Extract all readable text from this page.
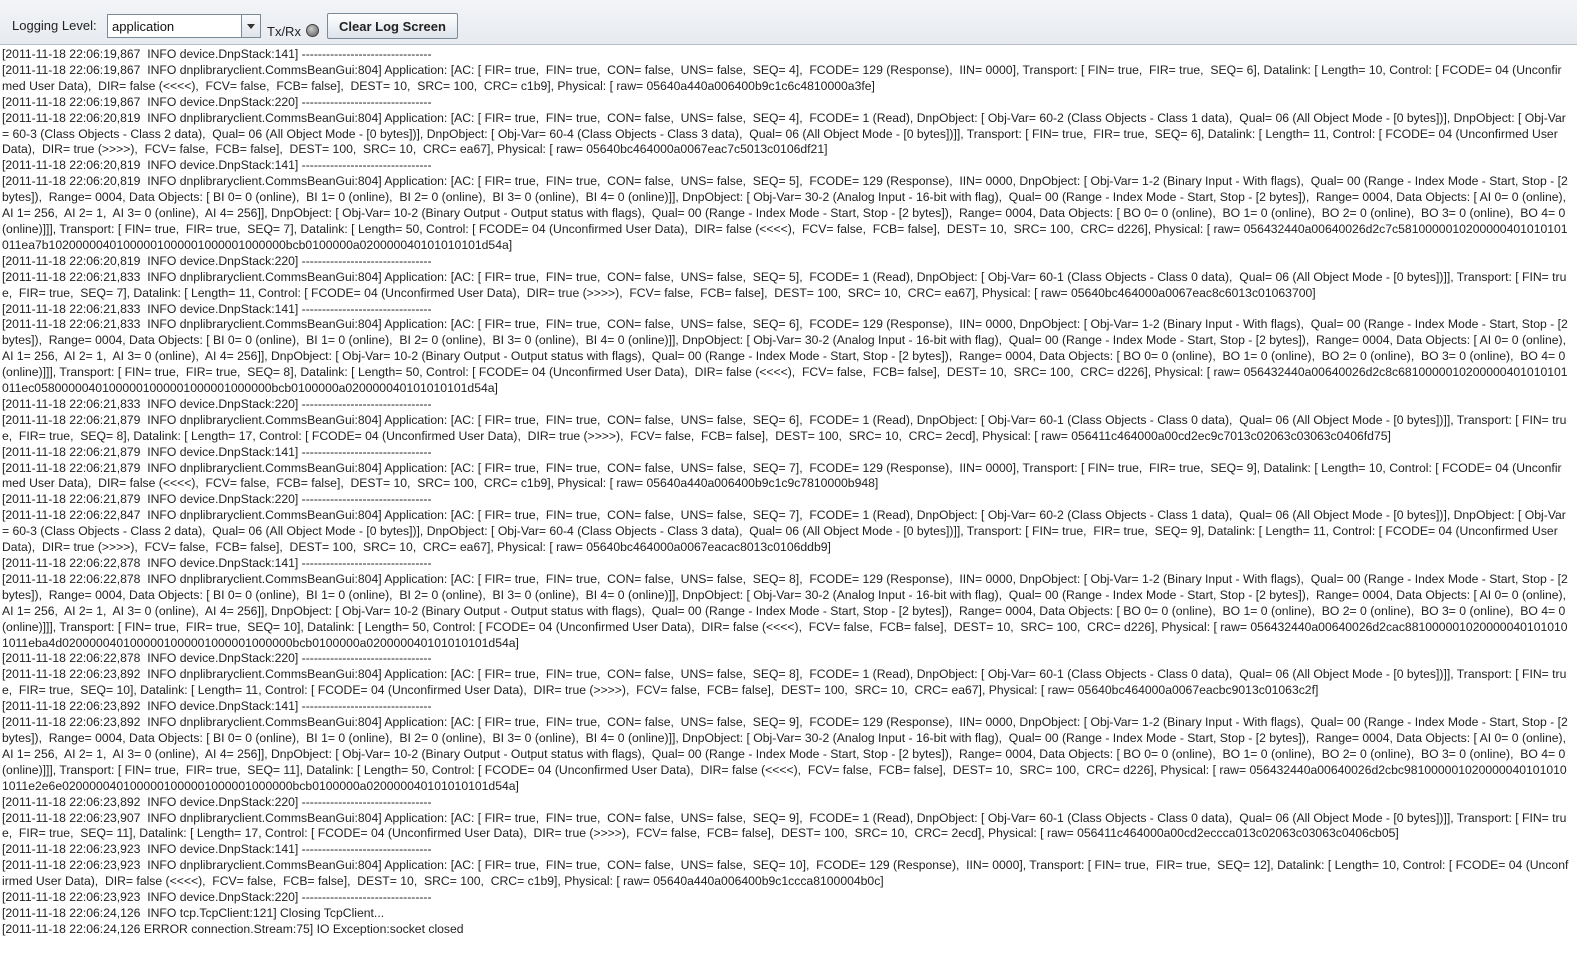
Logging Level: application	Tx/Rx	Clear Log Screen
[2011-11-18 22:06:19,867  INFO device.DnpStack:141] --------------------------------
[2011-11-18 22:06:19,867  INFO dnplibraryclient.CommsBeanGui:804] Application: [AC: [ FIR= true,  FIN= true,  CON= false,  UNS= false,  SEQ= 4],  FCODE= 129 (Response),  IIN= 0000], Transport: [ FIN= true,  FIR= true,  SEQ= 6], Datalink: [ Length= 10, Control: [ FCODE= 04 (Unconfirmed User Data),  DIR= false (<<<<),  FCV= false,  FCB= false],  DEST= 10,  SRC= 100,  CRC= c1b9], Physical: [ raw= 05640a440a006400b9c1c6c4810000a3fe]
[2011-11-18 22:06:19,867  INFO device.DnpStack:220] --------------------------------
[2011-11-18 22:06:20,819  INFO dnplibraryclient.CommsBeanGui:804] Application: [AC: [ FIR= true,  FIN= true,  CON= false,  UNS= false,  SEQ= 4],  FCODE= 1 (Read), DnpObject: [ Obj-Var= 60-2 (Class Objects - Class 1 data),  Qual= 06 (All Object Mode - [0 bytes])], DnpObject: [ Obj-Var= 60-3 (Class Objects - Class 2 data),  Qual= 06 (All Object Mode - [0 bytes])], DnpObject: [ Obj-Var= 60-4 (Class Objects - Class 3 data),  Qual= 06 (All Object Mode - [0 bytes])]], Transport: [ FIN= true,  FIR= true,  SEQ= 6], Datalink: [ Length= 11, Control: [ FCODE= 04 (Unconfirmed User Data),  DIR= true (>>>>),  FCV= false,  FCB= false],  DEST= 100,  SRC= 10,  CRC= ea67], Physical: [ raw= 05640bc464000a0067eac7c5013c0106df21]
[2011-11-18 22:06:20,819  INFO device.DnpStack:141] --------------------------------
[2011-11-18 22:06:20,819  INFO dnplibraryclient.CommsBeanGui:804] Application: [AC: [ FIR= true,  FIN= true,  CON= false,  UNS= false,  SEQ= 5],  FCODE= 129 (Response),  IIN= 0000, DnpObject: [ Obj-Var= 1-2 (Binary Input - With flags),  Qual= 00 (Range - Index Mode - Start, Stop - [2 bytes]),  Range= 0004, Data Objects: [ BI 0= 0 (online),  BI 1= 0 (online),  BI 2= 0 (online),  BI 3= 0 (online),  BI 4= 0 (online)]], DnpObject: [ Obj-Var= 30-2 (Analog Input - 16-bit with flag),  Qual= 00 (Range - Index Mode - Start, Stop - [2 bytes]),  Range= 0004, Data Objects: [ AI 0= 0 (online),  AI 1= 256,  AI 2= 1,  AI 3= 0 (online),  AI 4= 256]], DnpObject: [ Obj-Var= 10-2 (Binary Output - Output status with flags),  Qual= 00 (Range - Index Mode - Start, Stop - [2 bytes]),  Range= 0004, Data Objects: [ BO 0= 0 (online),  BO 1= 0 (online),  BO 2= 0 (online),  BO 3= 0 (online),  BO 4= 0 (online)]]], Transport: [ FIN= true,  FIR= true,  SEQ= 7], Datalink: [ Length= 50, Control: [ FCODE= 04 (Unconfirmed User Data),  DIR= false (<<<<),  FCV= false,  FCB= false],  DEST= 10,  SRC= 100,  CRC= d226], Physical: [ raw= 056432440a00640026d2c7c5810000010200000401010101011ea7b10200000401000001000001000001000000bcb0100000a020000040101010101d54a]
[2011-11-18 22:06:20,819  INFO device.DnpStack:220] --------------------------------
[2011-11-18 22:06:21,833  INFO dnplibraryclient.CommsBeanGui:804] Application: [AC: [ FIR= true,  FIN= true,  CON= false,  UNS= false,  SEQ= 5],  FCODE= 1 (Read), DnpObject: [ Obj-Var= 60-1 (Class Objects - Class 0 data),  Qual= 06 (All Object Mode - [0 bytes])]], Transport: [ FIN= true,  FIR= true,  SEQ= 7], Datalink: [ Length= 11, Control: [ FCODE= 04 (Unconfirmed User Data),  DIR= true (>>>>),  FCV= false,  FCB= false],  DEST= 100,  SRC= 10,  CRC= ea67], Physical: [ raw= 05640bc464000a0067eac8c6013c01063700]
[2011-11-18 22:06:21,833  INFO device.DnpStack:141] --------------------------------
[2011-11-18 22:06:21,833  INFO dnplibraryclient.CommsBeanGui:804] Application: [AC: [ FIR= true,  FIN= true,  CON= false,  UNS= false,  SEQ= 6],  FCODE= 129 (Response),  IIN= 0000, DnpObject: [ Obj-Var= 1-2 (Binary Input - With flags),  Qual= 00 (Range - Index Mode - Start, Stop - [2 bytes]),  Range= 0004, Data Objects: [ BI 0= 0 (online),  BI 1= 0 (online),  BI 2= 0 (online),  BI 3= 0 (online),  BI 4= 0 (online)]], DnpObject: [ Obj-Var= 30-2 (Analog Input - 16-bit with flag),  Qual= 00 (Range - Index Mode - Start, Stop - [2 bytes]),  Range= 0004, Data Objects: [ AI 0= 0 (online),  AI 1= 256,  AI 2= 1,  AI 3= 0 (online),  AI 4= 256]], DnpObject: [ Obj-Var= 10-2 (Binary Output - Output status with flags),  Qual= 00 (Range - Index Mode - Start, Stop - [2 bytes]),  Range= 0004, Data Objects: [ BO 0= 0 (online),  BO 1= 0 (online),  BO 2= 0 (online),  BO 3= 0 (online),  BO 4= 0 (online)]]], Transport: [ FIN= true,  FIR= true,  SEQ= 8], Datalink: [ Length= 50, Control: [ FCODE= 04 (Unconfirmed User Data),  DIR= false (<<<<),  FCV= false,  FCB= false],  DEST= 10,  SRC= 100,  CRC= d226], Physical: [ raw= 056432440a00640026d2c8c6810000010200000401010101011ec05800000401000001000001000001000000bcb0100000a020000040101010101d54a]
[2011-11-18 22:06:21,833  INFO device.DnpStack:220] --------------------------------
[2011-11-18 22:06:21,879  INFO dnplibraryclient.CommsBeanGui:804] Application: [AC: [ FIR= true,  FIN= true,  CON= false,  UNS= false,  SEQ= 6],  FCODE= 1 (Read), DnpObject: [ Obj-Var= 60-1 (Class Objects - Class 0 data),  Qual= 06 (All Object Mode - [0 bytes])]], Transport: [ FIN= true,  FIR= true,  SEQ= 8], Datalink: [ Length= 17, Control: [ FCODE= 04 (Unconfirmed User Data),  DIR= true (>>>>),  FCV= false,  FCB= false],  DEST= 100,  SRC= 10,  CRC= 2ecd], Physical: [ raw= 056411c464000a00cd2ec9c7013c02063c03063c0406fd75]
[2011-11-18 22:06:21,879  INFO device.DnpStack:141] --------------------------------
[2011-11-18 22:06:21,879  INFO dnplibraryclient.CommsBeanGui:804] Application: [AC: [ FIR= true,  FIN= true,  CON= false,  UNS= false,  SEQ= 7],  FCODE= 129 (Response),  IIN= 0000], Transport: [ FIN= true,  FIR= true,  SEQ= 9], Datalink: [ Length= 10, Control: [ FCODE= 04 (Unconfirmed User Data),  DIR= false (<<<<),  FCV= false,  FCB= false],  DEST= 10,  SRC= 100,  CRC= c1b9], Physical: [ raw= 05640a440a006400b9c1c9c7810000b948]
[2011-11-18 22:06:21,879  INFO device.DnpStack:220] --------------------------------
[2011-11-18 22:06:22,847  INFO dnplibraryclient.CommsBeanGui:804] Application: [AC: [ FIR= true,  FIN= true,  CON= false,  UNS= false,  SEQ= 7],  FCODE= 1 (Read), DnpObject: [ Obj-Var= 60-2 (Class Objects - Class 1 data),  Qual= 06 (All Object Mode - [0 bytes])], DnpObject: [ Obj-Var= 60-3 (Class Objects - Class 2 data),  Qual= 06 (All Object Mode - [0 bytes])], DnpObject: [ Obj-Var= 60-4 (Class Objects - Class 3 data),  Qual= 06 (All Object Mode - [0 bytes])]], Transport: [ FIN= true,  FIR= true,  SEQ= 9], Datalink: [ Length= 11, Control: [ FCODE= 04 (Unconfirmed User Data),  DIR= true (>>>>),  FCV= false,  FCB= false],  DEST= 100,  SRC= 10,  CRC= ea67], Physical: [ raw= 05640bc464000a0067eacac8013c0106ddb9]
[2011-11-18 22:06:22,878  INFO device.DnpStack:141] --------------------------------
[2011-11-18 22:06:22,878  INFO dnplibraryclient.CommsBeanGui:804] Application: [AC: [ FIR= true,  FIN= true,  CON= false,  UNS= false,  SEQ= 8],  FCODE= 129 (Response),  IIN= 0000, DnpObject: [ Obj-Var= 1-2 (Binary Input - With flags),  Qual= 00 (Range - Index Mode - Start, Stop - [2 bytes]),  Range= 0004, Data Objects: [ BI 0= 0 (online),  BI 1= 0 (online),  BI 2= 0 (online),  BI 3= 0 (online),  BI 4= 0 (online)]], DnpObject: [ Obj-Var= 30-2 (Analog Input - 16-bit with flag),  Qual= 00 (Range - Index Mode - Start, Stop - [2 bytes]),  Range= 0004, Data Objects: [ AI 0= 0 (online),  AI 1= 256,  AI 2= 1,  AI 3= 0 (online),  AI 4= 256]], DnpObject: [ Obj-Var= 10-2 (Binary Output - Output status with flags),  Qual= 00 (Range - Index Mode - Start, Stop - [2 bytes]),  Range= 0004, Data Objects: [ BO 0= 0 (online),  BO 1= 0 (online),  BO 2= 0 (online),  BO 3= 0 (online),  BO 4= 0 (online)]]], Transport: [ FIN= true,  FIR= true,  SEQ= 10], Datalink: [ Length= 50, Control: [ FCODE= 04 (Unconfirmed User Data),  DIR= false (<<<<),  FCV= false,  FCB= false],  DEST= 10,  SRC= 100,  CRC= d226], Physical: [ raw= 056432440a00640026d2cac8810000010200000401010101011eba4d0200000401000001000001000001000000bcb0100000a020000040101010101d54a]
[2011-11-18 22:06:22,878  INFO device.DnpStack:220] --------------------------------
[2011-11-18 22:06:23,892  INFO dnplibraryclient.CommsBeanGui:804] Application: [AC: [ FIR= true,  FIN= true,  CON= false,  UNS= false,  SEQ= 8],  FCODE= 1 (Read), DnpObject: [ Obj-Var= 60-1 (Class Objects - Class 0 data),  Qual= 06 (All Object Mode - [0 bytes])]], Transport: [ FIN= true,  FIR= true,  SEQ= 10], Datalink: [ Length= 11, Control: [ FCODE= 04 (Unconfirmed User Data),  DIR= true (>>>>),  FCV= false,  FCB= false],  DEST= 100,  SRC= 10,  CRC= ea67], Physical: [ raw= 05640bc464000a0067eacbc9013c01063c2f]
[2011-11-18 22:06:23,892  INFO device.DnpStack:141] --------------------------------
[2011-11-18 22:06:23,892  INFO dnplibraryclient.CommsBeanGui:804] Application: [AC: [ FIR= true,  FIN= true,  CON= false,  UNS= false,  SEQ= 9],  FCODE= 129 (Response),  IIN= 0000, DnpObject: [ Obj-Var= 1-2 (Binary Input - With flags),  Qual= 00 (Range - Index Mode - Start, Stop - [2 bytes]),  Range= 0004, Data Objects: [ BI 0= 0 (online),  BI 1= 0 (online),  BI 2= 0 (online),  BI 3= 0 (online),  BI 4= 0 (online)]], DnpObject: [ Obj-Var= 30-2 (Analog Input - 16-bit with flag),  Qual= 00 (Range - Index Mode - Start, Stop - [2 bytes]),  Range= 0004, Data Objects: [ AI 0= 0 (online),  AI 1= 256,  AI 2= 1,  AI 3= 0 (online),  AI 4= 256]], DnpObject: [ Obj-Var= 10-2 (Binary Output - Output status with flags),  Qual= 00 (Range - Index Mode - Start, Stop - [2 bytes]),  Range= 0004, Data Objects: [ BO 0= 0 (online),  BO 1= 0 (online),  BO 2= 0 (online),  BO 3= 0 (online),  BO 4= 0 (online)]]], Transport: [ FIN= true,  FIR= true,  SEQ= 11], Datalink: [ Length= 50, Control: [ FCODE= 04 (Unconfirmed User Data),  DIR= false (<<<<),  FCV= false,  FCB= false],  DEST= 10,  SRC= 100,  CRC= d226], Physical: [ raw= 056432440a00640026d2cbc9810000010200000401010101011e2e6e0200000401000001000001000001000000bcb0100000a020000040101010101d54a]
[2011-11-18 22:06:23,892  INFO device.DnpStack:220] --------------------------------
[2011-11-18 22:06:23,907  INFO dnplibraryclient.CommsBeanGui:804] Application: [AC: [ FIR= true,  FIN= true,  CON= false,  UNS= false,  SEQ= 9],  FCODE= 1 (Read), DnpObject: [ Obj-Var= 60-1 (Class Objects - Class 0 data),  Qual= 06 (All Object Mode - [0 bytes])]], Transport: [ FIN= true,  FIR= true,  SEQ= 11], Datalink: [ Length= 17, Control: [ FCODE= 04 (Unconfirmed User Data),  DIR= true (>>>>),  FCV= false,  FCB= false],  DEST= 100,  SRC= 10,  CRC= 2ecd], Physical: [ raw= 056411c464000a00cd2eccca013c02063c03063c0406cb05]
[2011-11-18 22:06:23,923  INFO device.DnpStack:141] --------------------------------
[2011-11-18 22:06:23,923  INFO dnplibraryclient.CommsBeanGui:804] Application: [AC: [ FIR= true,  FIN= true,  CON= false,  UNS= false,  SEQ= 10],  FCODE= 129 (Response),  IIN= 0000], Transport: [ FIN= true,  FIR= true,  SEQ= 12], Datalink: [ Length= 10, Control: [ FCODE= 04 (Unconfirmed User Data),  DIR= false (<<<<),  FCV= false,  FCB= false],  DEST= 10,  SRC= 100,  CRC= c1b9], Physical: [ raw= 05640a440a006400b9c1ccca8100004b0c]
[2011-11-18 22:06:23,923  INFO device.DnpStack:220] --------------------------------
[2011-11-18 22:06:24,126  INFO tcp.TcpClient:121] Closing TcpClient...
[2011-11-18 22:06:24,126 ERROR connection.Stream:75] IO Exception:socket closed
